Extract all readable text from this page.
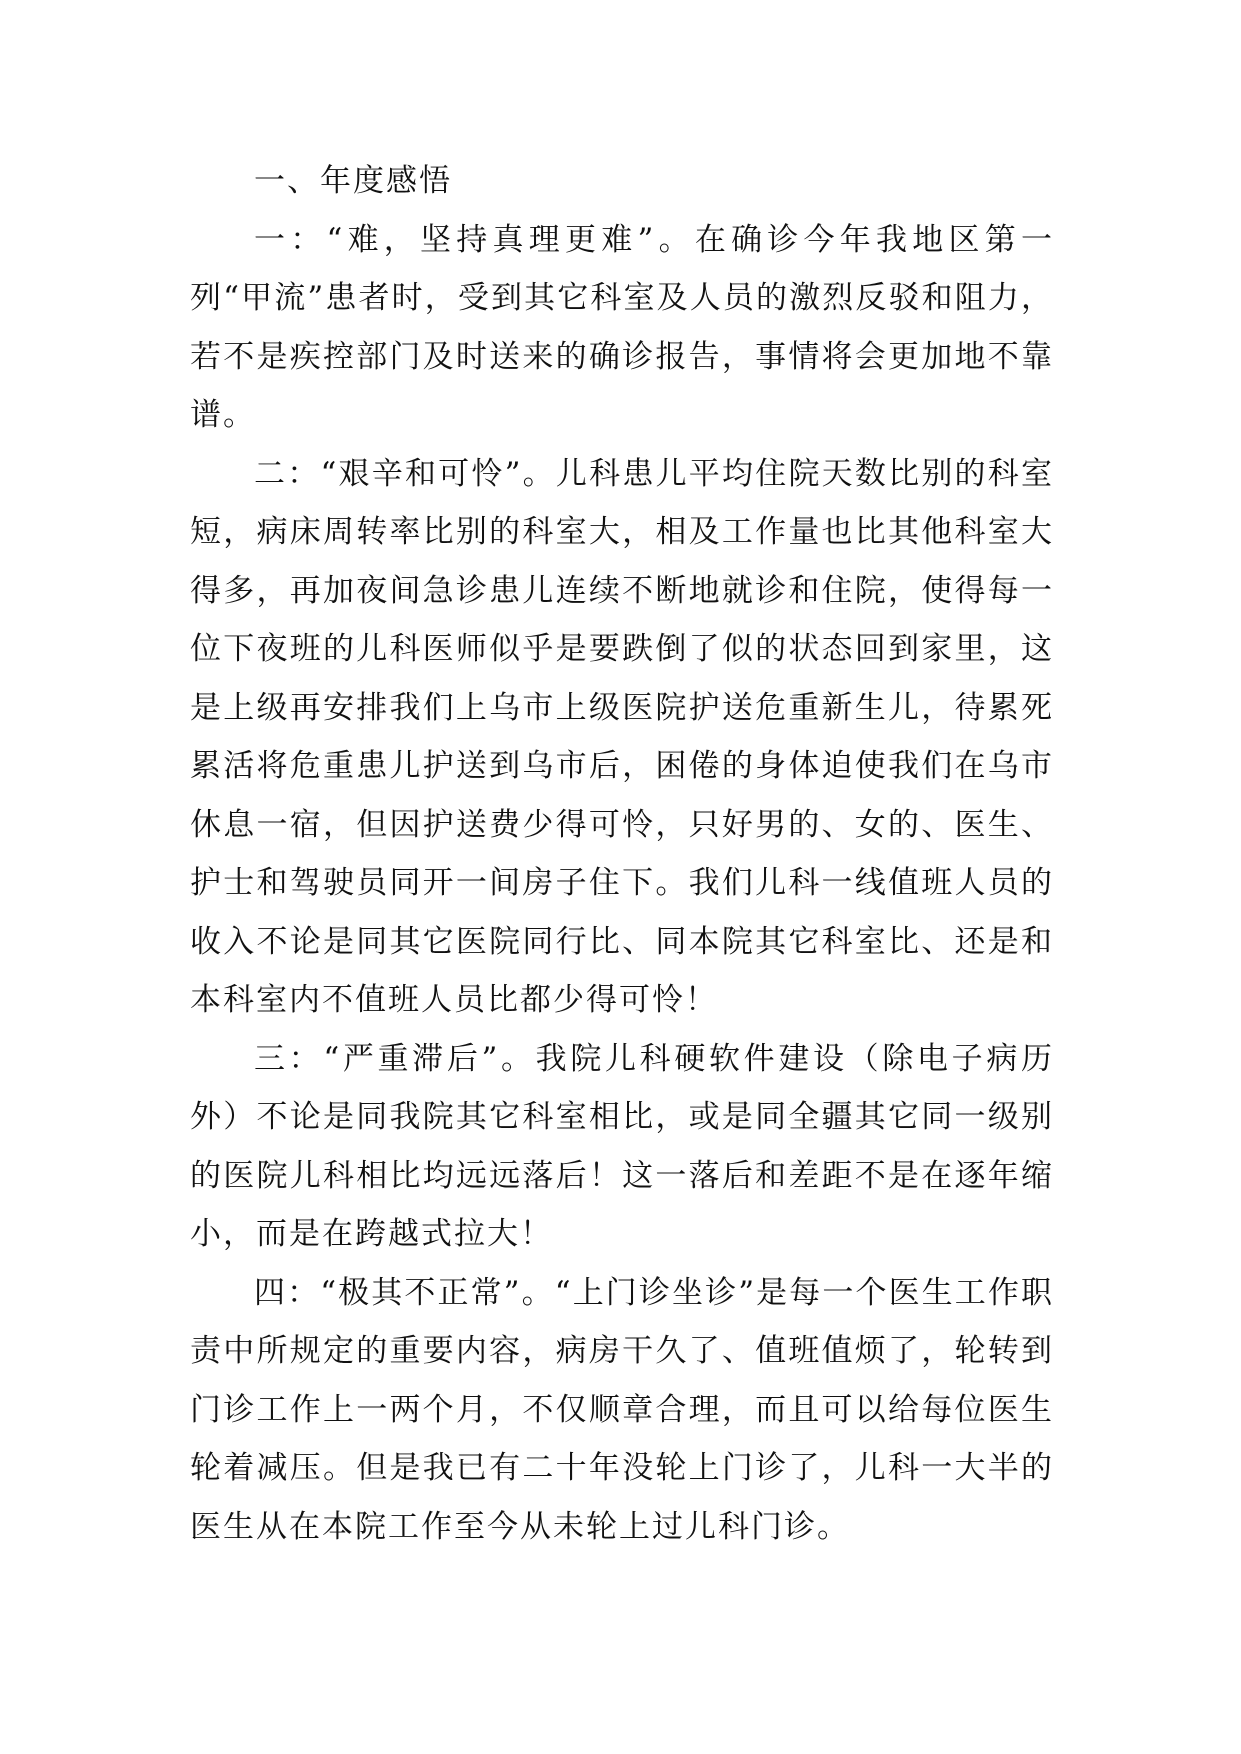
一、年度感悟

一：“难，坚持真理更难”。在确诊今年我地区第一列“甲流”患者时，受到其它科室及人员的激烈反驳和阻力，若不是疾控部门及时送来的确诊报告，事情将会更加地不靠谱。

二：“艰辛和可怜”。儿科患儿平均住院天数比别的科室短，病床周转率比别的科室大，相及工作量也比其他科室大得多，再加夜间急诊患儿连续不断地就诊和住院，使得每一位下夜班的儿科医师似乎是要跌倒了似的状态回到家里，这是上级再安排我们上乌市上级医院护送危重新生儿，待累死累活将危重患儿护送到乌市后，困倦的身体迫使我们在乌市休息一宿，但因护送费少得可怜，只好男的、女的、医生、护士和驾驶员同开一间房子住下。我们儿科一线值班人员的收入不论是同其它医院同行比、同本院其它科室比、还是和本科室内不值班人员比都少得可怜！

三：“严重滞后”。我院儿科硬软件建设（除电子病历外）不论是同我院其它科室相比，或是同全疆其它同一级别的医院儿科相比均远远落后！这一落后和差距不是在逐年缩小，而是在跨越式拉大！

四：“极其不正常”。“上门诊坐诊”是每一个医生工作职责中所规定的重要内容，病房干久了、值班值烦了，轮转到门诊工作上一两个月，不仅顺章合理，而且可以给每位医生轮着减压。但是我已有二十年没轮上门诊了，儿科一大半的医生从在本院工作至今从未轮上过儿科门诊。
